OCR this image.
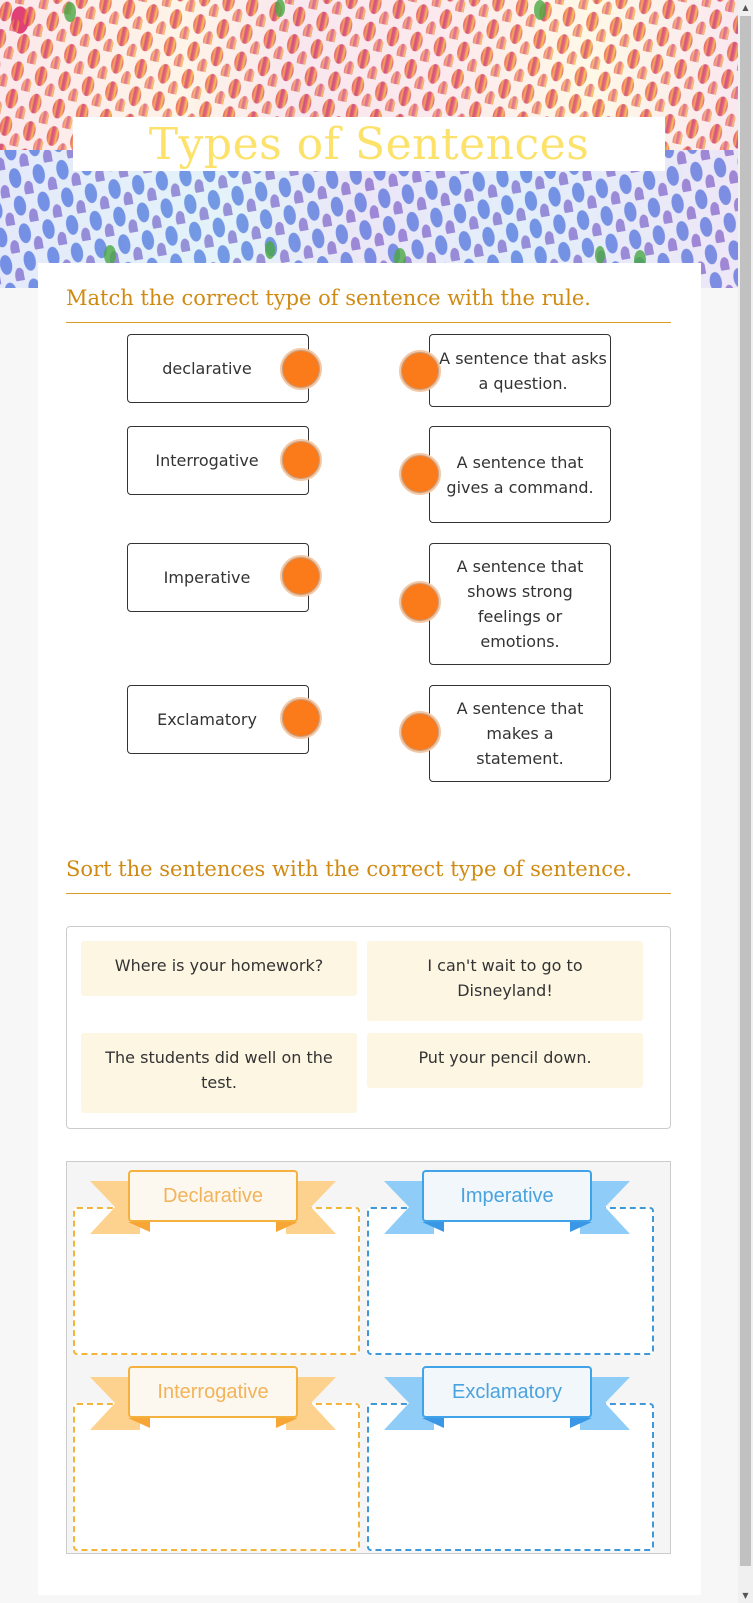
Types of Sentences
Match the correct type of sentence with the rule.
declarative
Interrogative
Imperative
Exclamatory
A sentence that asks a question.
A sentence that gives a command.
A sentence that shows strong feelings or emotions.
A sentence that makes a statement.
Sort the sentences with the correct type of sentence.
Where is your homework?	I can't wait to go to Disneyland!
The students did well on the test.
Put your pencil down.
Declarative	Imperative
Interrogative	Exclamatory
▲
▼
